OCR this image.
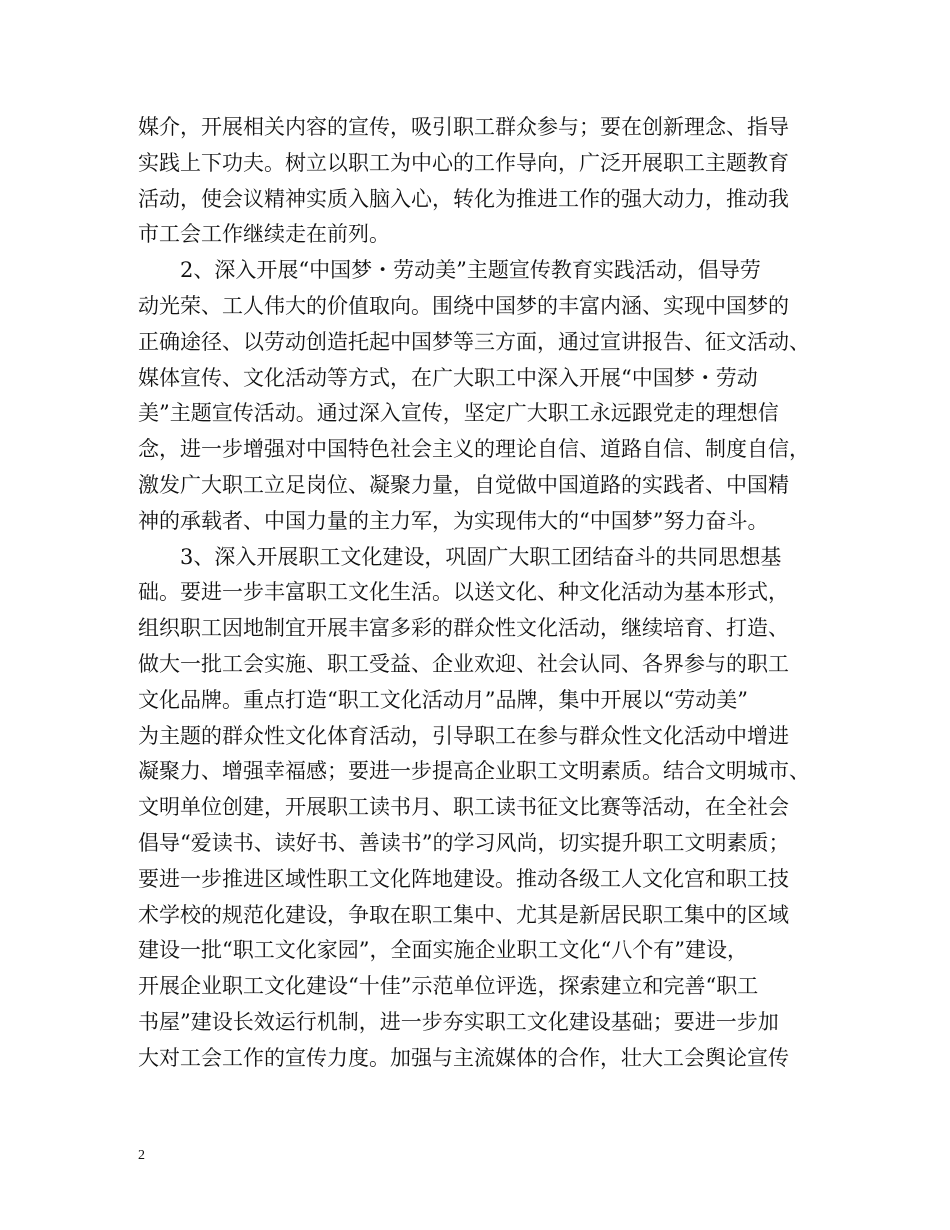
媒介，开展相关内容的宣传，吸引职工群众参与；要在创新理念、指导
实践上下功夫。树立以职工为中心的工作导向，广泛开展职工主题教育
活动，使会议精神实质入脑入心，转化为推进工作的强大动力，推动我
市工会工作继续走在前列。
2、深入开展“中国梦・劳动美”主题宣传教育实践活动，倡导劳
动光荣、工人伟大的价值取向。围绕中国梦的丰富内涵、实现中国梦的
正确途径、以劳动创造托起中国梦等三方面，通过宣讲报告、征文活动、
媒体宣传、文化活动等方式，在广大职工中深入开展“中国梦・劳动
美”主题宣传活动。通过深入宣传，坚定广大职工永远跟党走的理想信
念，进一步增强对中国特色社会主义的理论自信、道路自信、制度自信，
激发广大职工立足岗位、凝聚力量，自觉做中国道路的实践者、中国精
神的承载者、中国力量的主力军，为实现伟大的“中国梦”努力奋斗。
3、深入开展职工文化建设，巩固广大职工团结奋斗的共同思想基
础。要进一步丰富职工文化生活。以送文化、种文化活动为基本形式，
组织职工因地制宜开展丰富多彩的群众性文化活动，继续培育、打造、
做大一批工会实施、职工受益、企业欢迎、社会认同、各界参与的职工
文化品牌。重点打造“职工文化活动月”品牌，集中开展以“劳动美”
为主题的群众性文化体育活动，引导职工在参与群众性文化活动中增进
凝聚力、增强幸福感；要进一步提高企业职工文明素质。结合文明城市、
文明单位创建，开展职工读书月、职工读书征文比赛等活动，在全社会
倡导“爱读书、读好书、善读书”的学习风尚，切实提升职工文明素质；
要进一步推进区域性职工文化阵地建设。推动各级工人文化宫和职工技
术学校的规范化建设，争取在职工集中、尤其是新居民职工集中的区域
建设一批“职工文化家园”，全面实施企业职工文化“八个有”建设，
开展企业职工文化建设“十佳”示范单位评选，探索建立和完善“职工
书屋”建设长效运行机制，进一步夯实职工文化建设基础；要进一步加
大对工会工作的宣传力度。加强与主流媒体的合作，壮大工会舆论宣传
2
